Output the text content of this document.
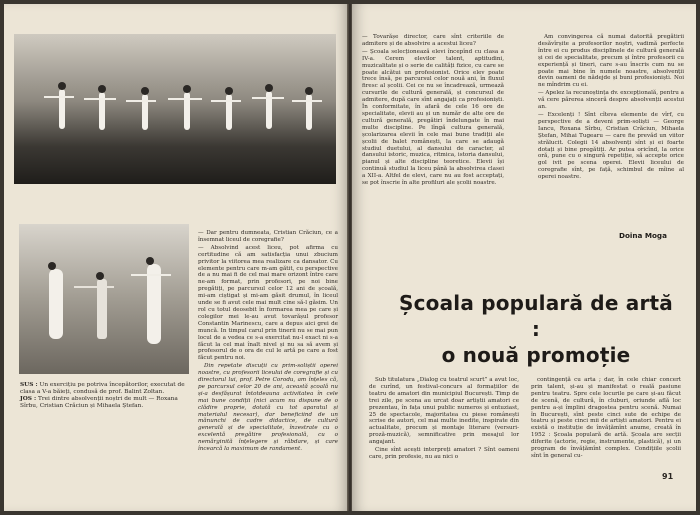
SUS : Un exercițiu pe potriva începătorilor, executat de clasa a V-a băieți, condusă de prof. Balint Zoltan.

JOS : Trei dintre absolvenții noștri de mult — Roxana Sîrbu, Cristian Crăciun și Mihaela Ștefan.

— Dar pentru dumneata, Cristian Crăciun, ce a însemnat liceul de coregrafie?

— Absolvind acest liceu, pot afirma cu certitudine că am satisfacția unui zbucium privitor la viitorea mea realizare ca dansator. Cu elemente pentru care m-am gătit, cu perspective de a nu mai fi de cel mai mare orizont între care ne-am format, prin profesori, pe noi bine pregătiți, pe parcursul celor 12 ani de școală, mi-am ciștigat și mi-am găsit drumul, în liceul unde se fi avut cele mai mult cine să-l găsim. Un rol cu totul deosebit în formarea mea pe care și colegilor mei le-au avut tovarășul profesor Constantin Marinescu, care a depus aici grei de muncă. In timpul carul prin tinerii nu se mai pun locul de a vedea ce s-a exercitat nu-l exact ni s-a făcut la cel mai înalt nivel și nu sa să avem și profesorul de o ora de cul le artă pe care a fost făcut pentru noi.

Din repetate discuții cu prim-soliștii operei noastre, cu profesorii liceului de coregrafie și cu directorul lui, prof. Petre Corodu, am înțeles că, pe parcursul celor 20 de ani, această școală nu și-a desfășurat întotdeauna activitatea în cele mai bune condiții (nici acum nu dispune de o clădire proprie, dotată cu tot aparatul și materialul necesar), dar beneficiind de un mănunchi de cadre didactice, de cultură generală și de specialitate, înzestrate cu o excelentă pregătire profesională, cu o nemărginită înțelegere și răbdare, și care încearcă la maximum de randament.

— Tovarășe director, care sînt criteriile de admitere și de absolvire a acestui liceu?

— Școala selecționează elevi începînd cu clasa a IV-a. Cerem elevilor talent, aptitudini, muzicalitate și o serie de calități fizice, cu care se poate alcătui un profesionist. Orice elev poate trece însă, pe parcursul celor nouă ani, în fluxul firesc al școlii. Cei ce nu se încadrează, urmează cursurile de cultură generală, și concursul de admitere, după care sînt angajați ca profesioniști. În conformitate, în afară de cele 16 ore de specialitate, elevii au și un număr de alte ore de cultură generală, pregătiri îndelungate în mai multe discipline. Pe lîngă cultura generală, școlarizarea elevii în cele mai bune tradiții ale școlii de balet românești, la care se adaugă studiul duetului, al dansului de caracter, al dansului istoric, muzica, ritmica, istoria dansului, pianul și alte discipline teoretice. Elevii își continuă studiul la liceu până la absolvirea clasei a XII-a. Altfel de elevi, care nu au fost acceptați, se pot înscrie în alte profiluri ale școlii noastre.

Am convingerea că numai datorită pregătirii desăvîrșite a profesorilor noștri, vadimă perfecte între ei cu produs disciplinele de cultură generală și cei de specialitate, precum și între profesorii cu experiență și tineri, care s-au înscris cum nu se poate mai bine în numele noastre, absolvenții devin oameni de nădejde și buni profesioniști. Noi ne mîndrim cu ei.

— Apelez la recunoștința dv. excepțională, pentru a vă cere părerea sinceră despre absolvenții acestui an.

— Excelenți ! Sînt cîteva elemente de vîrf, cu perspective de a deveni prim-soliști — George Iancu, Roxana Sîrbu, Cristian Crăciun, Mihaela Ștefan, Mihai Tugearu — care fie prevăd un viitor strălucit. Colegii 14 absolvenți sînt și ei foarte dotați și bine pregătiți. Ar putea oricînd, la orice oră, pune cu o singură repetiție, să accepte orice gol ivit pe scena operei. Elevii liceului de coregrafie sînt, pe față, schimbul de mîine al operei noastre.

Școala populară de artă :
o nouă promoție
Doina Moga

Sub titulatura „Dialog cu teatrul scurt” a avut loc, de curînd, un festival-concurs al formațiilor de teatru de amatori din municipiul București. Timp de trei zile, pe scena au urcat doar artiștii amatori ce prezentau, în fața unui public numeros și entuziast, 25 de spectacole, majoritatea cu piese românești scrise de autori, cel mai multe inedite, inspirate din actualitate, precum și montaje literare (versuri-proză-muzică), semnificative prin mesajul lor angajant.

Cine sînt acești interpreți amatori ? Sînt oameni care, prin profesie, nu au nici o

contingență cu arta ; dar, în cele chiar concert prin talent, și-au și manifestat o reală pasiune pentru teatru. Spre cele locurile pe care și-au făcut de scenă, de cultură, în cluburi, oriunde află loc pentru a-și împlini dragostea pentru scenă. Numai în București, sînt peste cinci sute de echipe de teatru și peste cinci mii de artiști amatori. Pentru ei există o instituție de învățămînt anume, creată în 1952 : Școala populară de artă. Școala are secții diferite (actorie, regie, instrumente, plastică), și un program de învățămînt complex. Condițiile școlii sînt în general cu-

91
